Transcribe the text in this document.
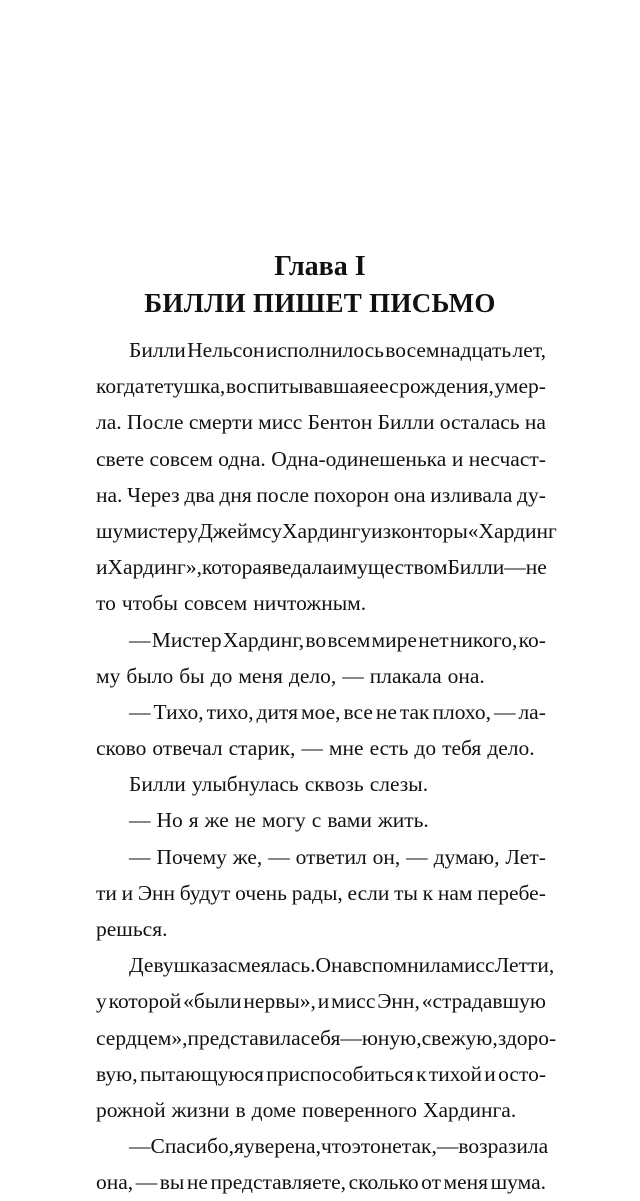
Глава I
БИЛЛИ ПИШЕТ ПИСЬМО
Билли Нельсон исполнилось восемнадцать лет,
когда тетушка, воспитывавшая ее с рождения, умер-
ла. После смерти мисс Бентон Билли осталась на
свете совсем одна. Одна-одинешенька и несчаст-
на. Через два дня после похорон она изливала ду-
шу мистеру Джеймсу Хардингу из конторы «Хардинг
и Хардинг», которая ведала имуществом Билли — не
то чтобы совсем ничтожным.
— Мистер Хардинг, во всем мире нет никого, ко-
му было бы до меня дело, — плакала она.
— Тихо, тихо, дитя мое, все не так плохо, — ла-
сково отвечал старик, — мне есть до тебя дело.
Билли улыбнулась сквозь слезы.
— Но я же не могу с вами жить.
— Почему же, — ответил он, — думаю, Лет-
ти и Энн будут очень рады, если ты к нам перебе-
решься.
Девушка засмеялась. Она вспомнила мисс Летти,
у которой «были нервы», и мисс Энн, «страдавшую
сердцем», представила себя — юную, свежую, здоро-
вую, пытающуюся приспособиться к тихой и осто-
рожной жизни в доме поверенного Хардинга.
— Спасибо, я уверена, что это не так, — возразила
она, — вы не представляете, сколько от меня шума.
